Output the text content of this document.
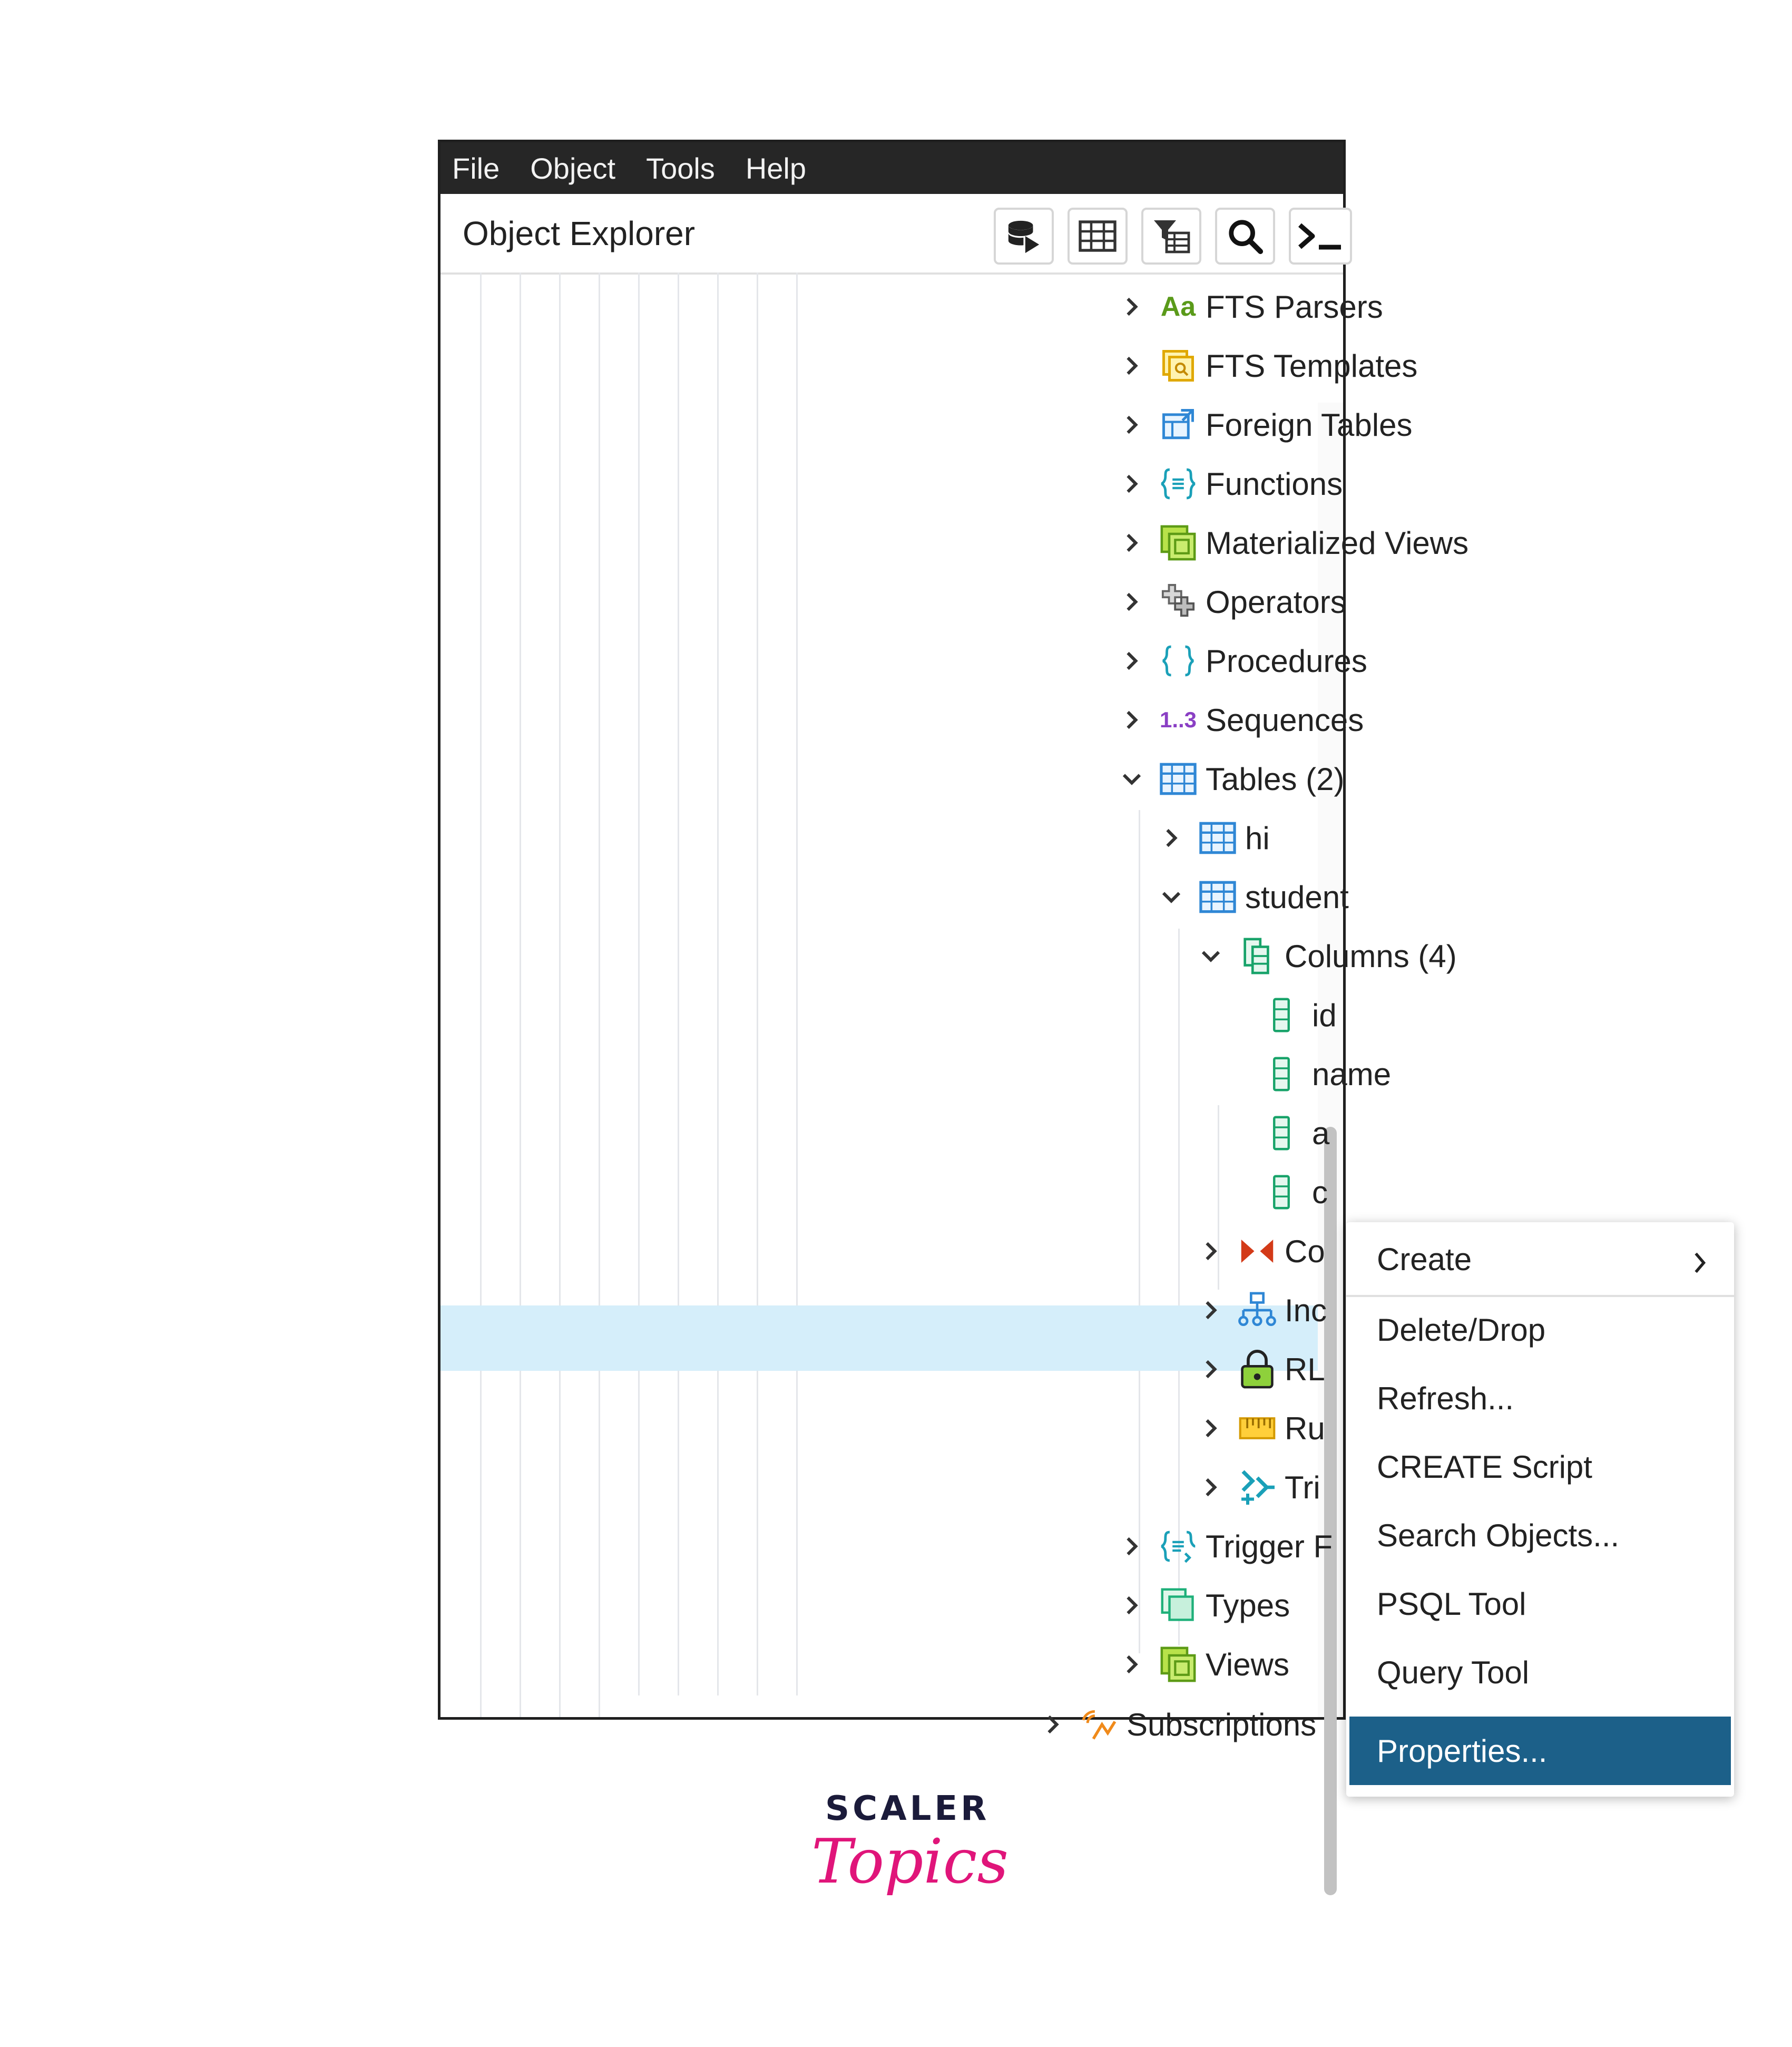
File Object Tools Help
Object Explorer
Aa FTS Parsers
FTS Templates
Foreign Tables
Functions
Materialized Views
Operators
Procedures
1..3 Sequences
Tables (2)
hi
student
Columns (4)
id
name
a
c
Co
Inc
RL
Ru
Tri
Trigger F
Types
Views
Subscriptions
Create
Delete/Drop
Refresh...
CREATE Script
Search Objects...
PSQL Tool
Query Tool
Properties...
SCALER
Topics
